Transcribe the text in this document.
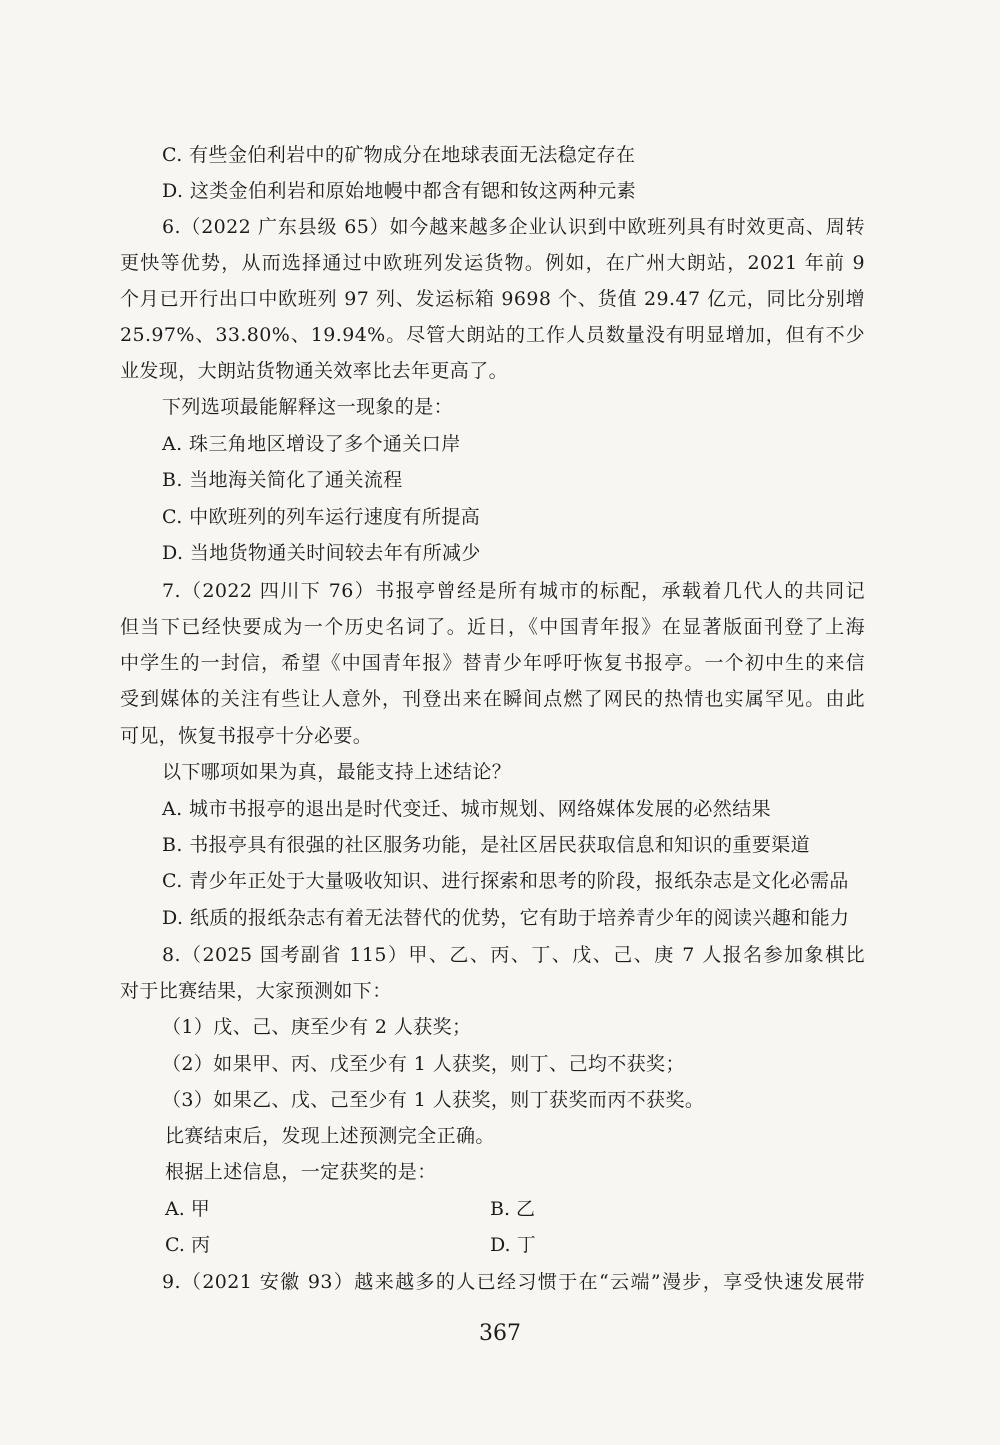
C. 有些金伯利岩中的矿物成分在地球表面无法稳定存在
D. 这类金伯利岩和原始地幔中都含有锶和钕这两种元素
6.（2022 广东县级 65）如今越来越多企业认识到中欧班列具有时效更高、周转
更快等优势，从而选择通过中欧班列发运货物。例如，在广州大朗站，2021 年前 9
个月已开行出口中欧班列 97 列、发运标箱 9698 个、货值 29.47 亿元，同比分别增
25.97%、33.80%、19.94%。尽管大朗站的工作人员数量没有明显增加，但有不少
业发现，大朗站货物通关效率比去年更高了。
下列选项最能解释这一现象的是：
A. 珠三角地区增设了多个通关口岸
B. 当地海关简化了通关流程
C. 中欧班列的列车运行速度有所提高
D. 当地货物通关时间较去年有所减少
7.（2022 四川下 76）书报亭曾经是所有城市的标配，承载着几代人的共同记
但当下已经快要成为一个历史名词了。近日，《中国青年报》在显著版面刊登了上海
中学生的一封信，希望《中国青年报》替青少年呼吁恢复书报亭。一个初中生的来信
受到媒体的关注有些让人意外，刊登出来在瞬间点燃了网民的热情也实属罕见。由此
可见，恢复书报亭十分必要。
以下哪项如果为真，最能支持上述结论？
A. 城市书报亭的退出是时代变迁、城市规划、网络媒体发展的必然结果
B. 书报亭具有很强的社区服务功能，是社区居民获取信息和知识的重要渠道
C. 青少年正处于大量吸收知识、进行探索和思考的阶段，报纸杂志是文化必需品
D. 纸质的报纸杂志有着无法替代的优势，它有助于培养青少年的阅读兴趣和能力
8.（2025 国考副省 115）甲、乙、丙、丁、戊、己、庚 7 人报名参加象棋比
对于比赛结果，大家预测如下：
（1）戊、己、庚至少有 2 人获奖；
（2）如果甲、丙、戊至少有 1 人获奖，则丁、己均不获奖；
（3）如果乙、戊、己至少有 1 人获奖，则丁获奖而丙不获奖。
比赛结束后，发现上述预测完全正确。
根据上述信息，一定获奖的是：
A. 甲	B. 乙
C. 丙	D. 丁
9.（2021 安徽 93）越来越多的人已经习惯于在“云端”漫步，享受快速发展带
367
